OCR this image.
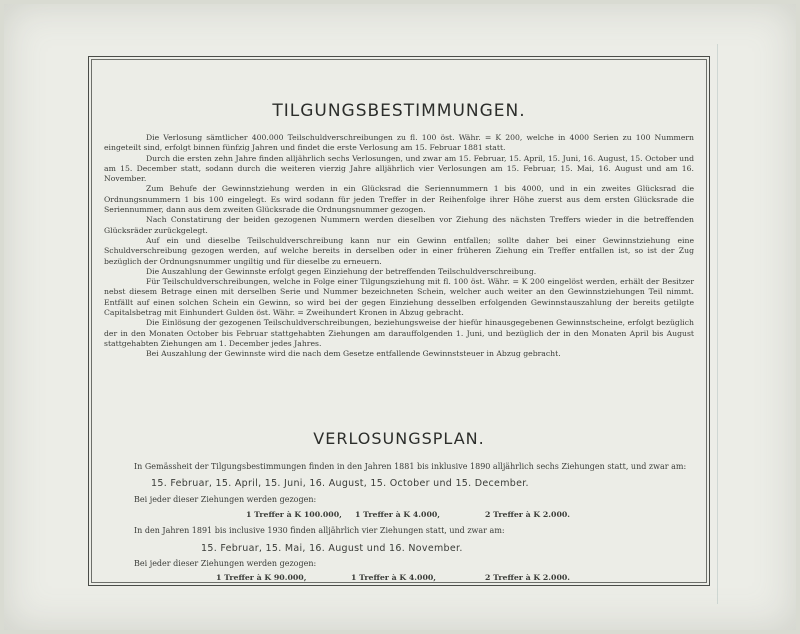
TILGUNGSBESTIMMUNGEN.

Die Verlosung sämtlicher 400.000 Teilschuldverschreibungen zu fl. 100 öst. Währ. = K 200, welche in 4000 Serien zu 100 Nummern eingeteilt sind, erfolgt binnen fünfzig Jahren und findet die erste Verlosung am 15. Februar 1881 statt.

Durch die ersten zehn Jahre finden alljährlich sechs Verlosungen, und zwar am 15. Februar, 15. April, 15. Juni, 16. August, 15. October und am 15. December statt, sodann durch die weiteren vierzig Jahre alljährlich vier Verlosungen am 15. Februar, 15. Mai, 16. August und am 16. November.

Zum Behufe der Gewinnstziehung werden in ein Glücksrad die Seriennummern 1 bis 4000, und in ein zweites Glücksrad die Ordnungsnummern 1 bis 100 eingelegt. Es wird sodann für jeden Treffer in der Reihenfolge ihrer Höhe zuerst aus dem ersten Glücksrade die Seriennummer, dann aus dem zweiten Glücksrade die Ordnungsnummer gezogen.

Nach Constatirung der beiden gezogenen Nummern werden dieselben vor Ziehung des nächsten Treffers wieder in die betreffenden Glücksräder zurückgelegt.

Auf ein und dieselbe Teilschuldverschreibung kann nur ein Gewinn entfallen; sollte daher bei einer Gewinnstziehung eine Schuldverschreibung gezogen werden, auf welche bereits in derselben oder in einer früheren Ziehung ein Treffer entfallen ist, so ist der Zug bezüglich der Ordnungsnummer ungiltig und für dieselbe zu erneuern.

Die Auszahlung der Gewinnste erfolgt gegen Einziehung der betreffenden Teilschuldverschreibung.

Für Teilschuldverschreibungen, welche in Folge einer Tilgungsziehung mit fl. 100 öst. Währ. = K 200 eingelöst werden, erhält der Besitzer nebst diesem Betrage einen mit derselben Serie und Nummer bezeichneten Schein, welcher auch weiter an den Gewinnstziehungen Teil nimmt. Entfällt auf einen solchen Schein ein Gewinn, so wird bei der gegen Einziehung desselben erfolgenden Gewinnstauszahlung der bereits getilgte Capitalsbetrag mit Einhundert Gulden öst. Währ. = Zweihundert Kronen in Abzug gebracht.

Die Einlösung der gezogenen Teilschuldverschreibungen, beziehungsweise der hiefür hinausgegebenen Gewinnstscheine, erfolgt bezüglich der in den Monaten October bis Februar stattgehabten Ziehungen am darauffolgenden 1. Juni, und bezüglich der in den Monaten April bis August stattgehabten Ziehungen am 1. December jedes Jahres.

Bei Auszahlung der Gewinnste wird die nach dem Gesetze entfallende Gewinnststeuer in Abzug gebracht.

VERLOSUNGSPLAN.
In Gemässheit der Tilgungsbestimmungen finden in den Jahren 1881 bis inklusive 1890 alljährlich sechs Ziehungen statt, und zwar am:
15. Februar, 15. April, 15. Juni, 16. August, 15. October und 15. December.
Bei jeder dieser Ziehungen werden gezogen:
1 Treffer à K 100.000, 1 Treffer à K 4.000,	2 Treffer à K 2.000.
In den Jahren 1891 bis inclusive 1930 finden alljährlich vier Ziehungen statt, und zwar am:
15. Februar, 15. Mai, 16. August und 16. November.
Bei jeder dieser Ziehungen werden gezogen:
1 Treffer à K 90.000,	1 Treffer à K 4.000,	2 Treffer à K 2.000.
